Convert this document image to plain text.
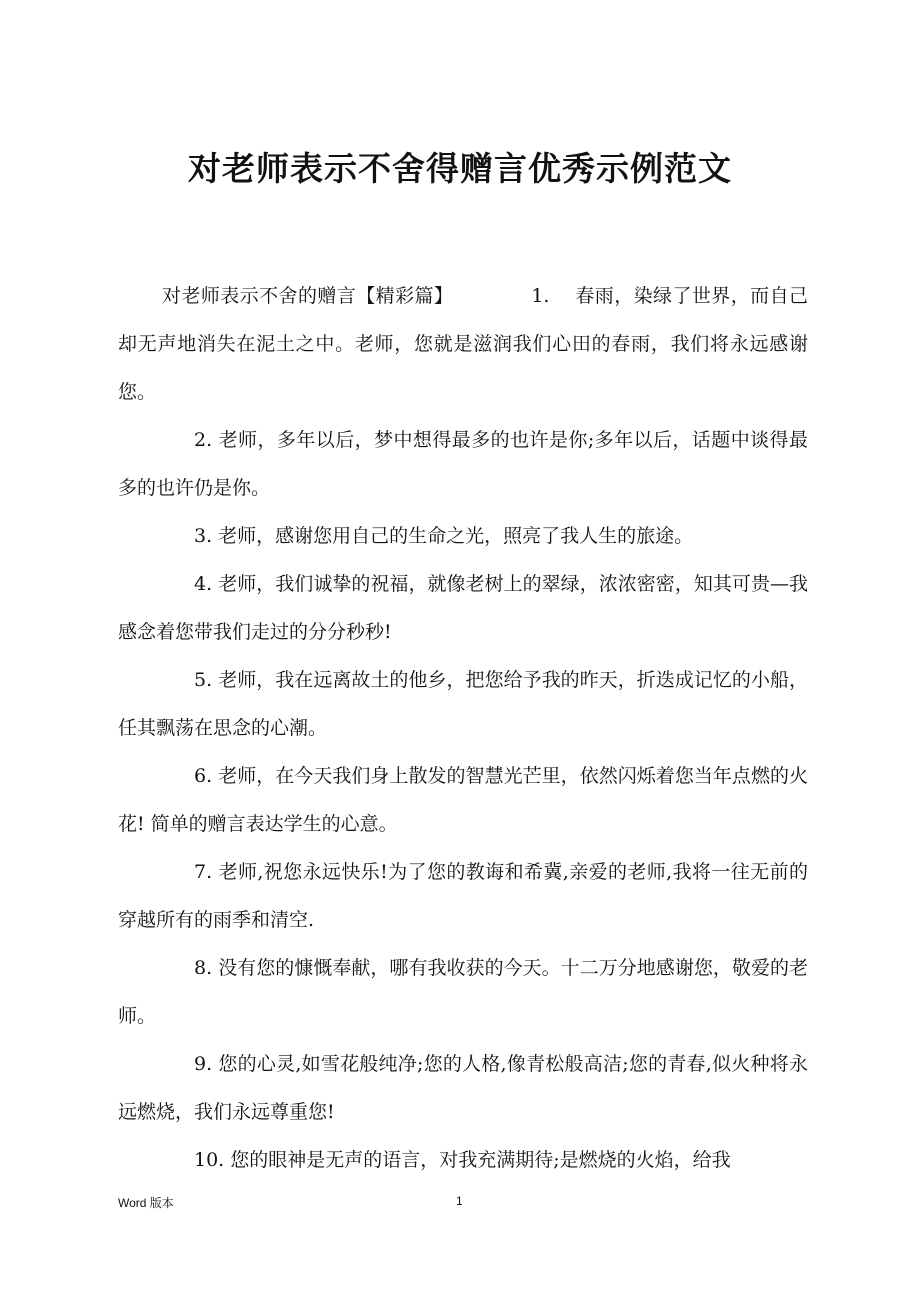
对老师表示不舍得赠言优秀示例范文

对老师表示不舍的赠言【精彩篇】	1. 春雨，染绿了世界，而自己却无声地消失在泥土之中。老师，您就是滋润我们心田的春雨，我们将永远感谢您。

2. 老师，多年以后，梦中想得最多的也许是你;多年以后，话题中谈得最多的也许仍是你。

3. 老师，感谢您用自己的生命之光，照亮了我人生的旅途。

4. 老师，我们诚挚的祝福，就像老树上的翠绿，浓浓密密，知其可贵—我感念着您带我们走过的分分秒秒!

5. 老师，我在远离故土的他乡，把您给予我的昨天，折迭成记忆的小船，任其飘荡在思念的心潮。

6. 老师，在今天我们身上散发的智慧光芒里，依然闪烁着您当年点燃的火花! 简单的赠言表达学生的心意。

7. 老师,祝您永远快乐!为了您的教诲和希冀,亲爱的老师,我将一往无前的穿越所有的雨季和清空.

8. 没有您的慷慨奉献，哪有我收获的今天。十二万分地感谢您，敬爱的老师。

9. 您的心灵,如雪花般纯净;您的人格,像青松般高洁;您的青春,似火种将永远燃烧，我们永远尊重您!

10. 您的眼神是无声的语言，对我充满期待;是燃烧的火焰，给我

Word 版本	1
